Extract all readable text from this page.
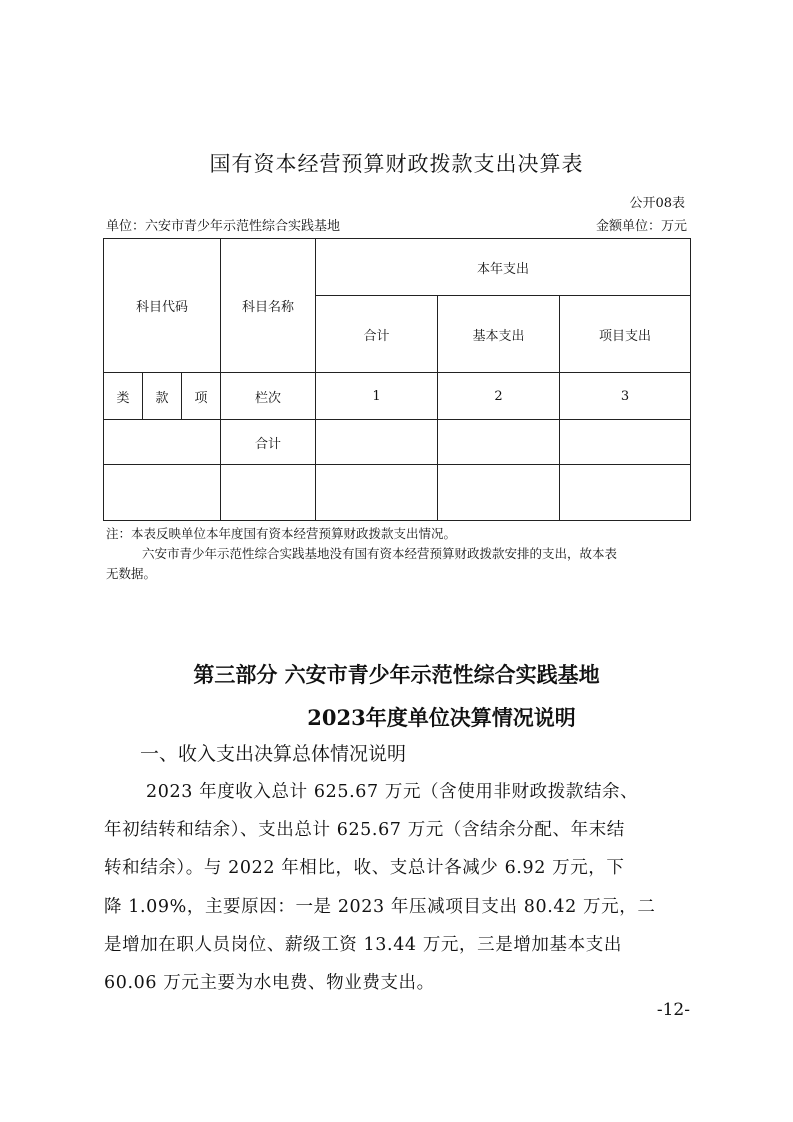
国有资本经营预算财政拨款支出决算表
公开08表
单位：六安市青少年示范性综合实践基地	金额单位：万元
科目代码			科目名称	本年支出		
				合计	基本支出	项目支出
类	款	项	栏次	1	2	3
			合计			

注：本表反映单位本年度国有资本经营预算财政拨款支出情况。
六安市青少年示范性综合实践基地没有国有资本经营预算财政拨款安排的支出，故本表
无数据。
第三部分 六安市青少年示范性综合实践基地
2023年度单位决算情况说明
一、收入支出决算总体情况说明
2023 年度收入总计 625.67 万元（含使用非财政拨款结余、
年初结转和结余）、支出总计 625.67 万元（含结余分配、年末结
转和结余）。与 2022 年相比，收、支总计各减少 6.92 万元，下
降 1.09%，主要原因：一是 2023 年压减项目支出 80.42 万元，二
是增加在职人员岗位、薪级工资 13.44 万元，三是增加基本支出
60.06 万元主要为水电费、物业费支出。
-12-
